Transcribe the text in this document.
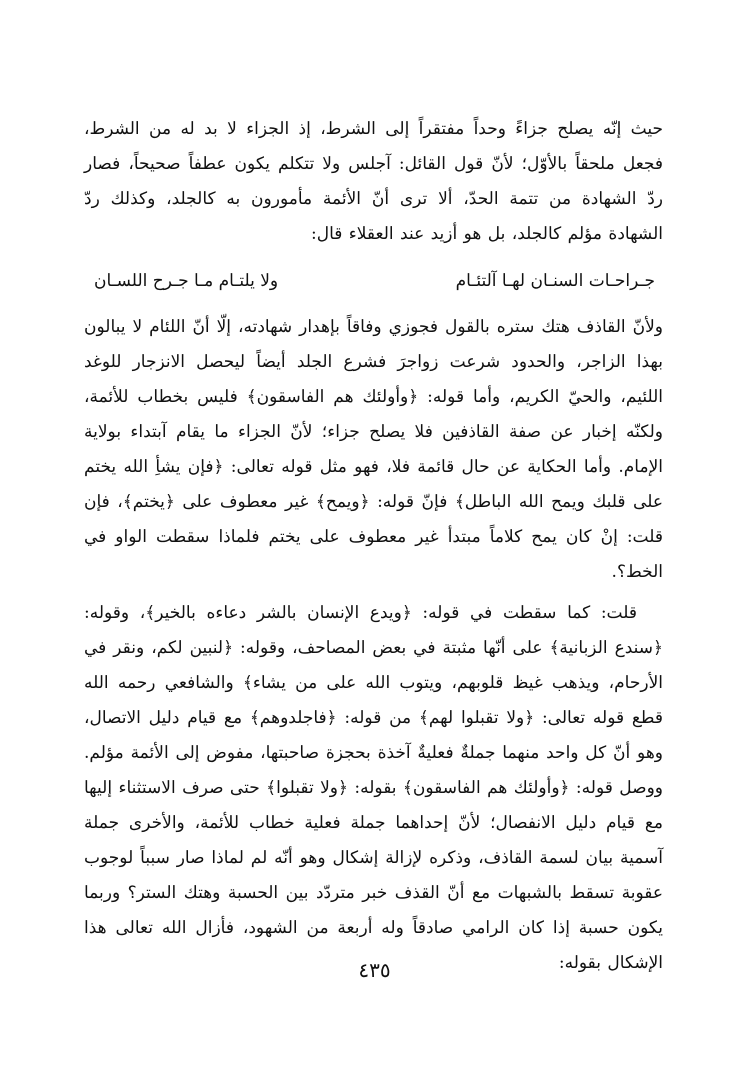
حيث إنّه يصلح جزاءً وحداً مفتقراً إلى الشرط، إذ الجزاء لا بد له من الشرط، فجعل ملحقاً بالأوّل؛ لأنّ قول القائل: آجلس ولا تتكلم يكون عطفاً صحيحاً، فصار ردّ الشهادة من تتمة الحدّ، ألا ترى أنّ الأئمة مأمورون به كالجلد، وكذلك ردّ الشهادة مؤلم كالجلد، بل هو أزيد عند العقلاء قال:

جـراحـات السنـان لهـا آلتئـام
ولا يلتـام مـا جـرح اللسـان

ولأنّ القاذف هتك ستره بالقول فجوزي وفاقاً بإهدار شهادته، إلّا أنّ اللئام لا يبالون بهذا الزاجر، والحدود شرعت زواجرَ فشرع الجلد أيضاً ليحصل الانزجار للوغد اللئيم، والحيّ الكريم، وأما قوله: ﴿وأولئك هم الفاسقون﴾ فليس بخطاب للأئمة، ولكنّه إخبار عن صفة القاذفين فلا يصلح جزاء؛ لأنّ الجزاء ما يقام آبتداء بولاية الإمام. وأما الحكاية عن حال قائمة فلا، فهو مثل قوله تعالى: ﴿فإن يشأِ الله يختم على قلبك ويمح الله الباطل﴾ فإنّ قوله: ﴿ويمح﴾ غير معطوف على ﴿يختم﴾، فإن قلت: إنْ كان يمح كلاماً مبتدأ غير معطوف على يختم فلماذا سقطت الواو في الخط؟.

قلت: كما سقطت في قوله: ﴿ويدع الإنسان بالشر دعاءه بالخير﴾، وقوله: ﴿سندع الزبانية﴾ على أنّها مثبتة في بعض المصاحف، وقوله: ﴿لنبين لكم، ونقر في الأرحام، ويذهب غيظ قلوبهم، ويتوب الله على من يشاء﴾ والشافعي رحمه الله قطع قوله تعالى: ﴿ولا تقبلوا لهم﴾ من قوله: ﴿فاجلدوهم﴾ مع قيام دليل الاتصال، وهو أنّ كل واحد منهما جملةٌ فعليةٌ آخذة بحجزة صاحبتها، مفوض إلى الأئمة مؤلم. ووصل قوله: ﴿وأولئك هم الفاسقون﴾ بقوله: ﴿ولا تقبلوا﴾ حتى صرف الاستثناء إليها مع قيام دليل الانفصال؛ لأنّ إحداهما جملة فعلية خطاب للأئمة، والأخرى جملة آسمية بيان لسمة القاذف، وذكره لإزالة إشكال وهو أنّه لم لماذا صار سبباً لوجوب عقوبة تسقط بالشبهات مع أنّ القذف خبر متردّد بين الحسبة وهتك الستر؟ وربما يكون حسبة إذا كان الرامي صادقاً وله أربعة من الشهود، فأزال الله تعالى هذا الإشكال بقوله:

٤٣٥
